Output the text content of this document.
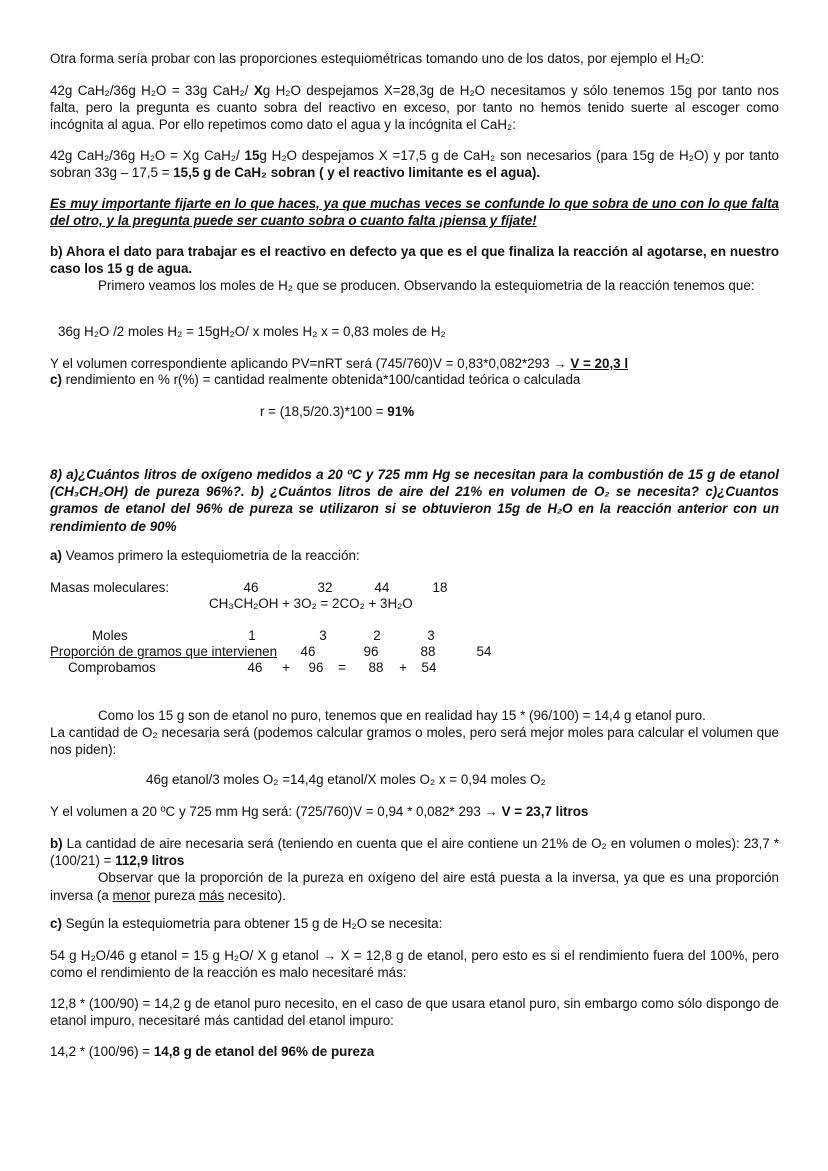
Otra forma sería probar con las proporciones estequiométricas tomando uno de los datos, por ejemplo el H₂O:

42g CaH₂/36g H₂O = 33g CaH₂/ Xg H₂O despejamos X=28,3g de H₂O necesitamos y sólo tenemos 15g por tanto nos falta, pero la pregunta es cuanto sobra del reactivo en exceso, por tanto no hemos tenido suerte al escoger como incógnita al agua. Por ello repetimos como dato el agua y la incógnita el CaH₂:

42g CaH₂/36g H₂O = Xg CaH₂/ 15g H₂O despejamos X =17,5 g de CaH₂ son necesarios (para 15g de H₂O) y por tanto sobran 33g – 17,5 = 15,5 g de CaH₂ sobran ( y el reactivo limitante es el agua).

Es muy importante fijarte en lo que haces, ya que muchas veces se confunde lo que sobra de uno con lo que falta del otro, y la pregunta puede ser cuanto sobra o cuanto falta ¡piensa y fíjate!

b) Ahora el dato para trabajar es el reactivo en defecto ya que es el que finaliza la reacción al agotarse, en nuestro caso los 15 g de agua.

Primero veamos los moles de H₂ que se producen. Observando la estequiometria de la reacción tenemos que:

36g H₂O /2 moles H₂ = 15gH₂O/ x moles H₂ x = 0,83 moles de H₂
Y el volumen correspondiente aplicando PV=nRT será (745/760)V = 0,83*0,082*293 → V = 20,3 l
c) rendimiento en % r(%) = cantidad realmente obtenida*100/cantidad teórica o calculada
r = (18,5/20.3)*100 = 91%

8) a)¿Cuántos litros de oxígeno medidos a 20 ºC y 725 mm Hg se necesitan para la combustión de 15 g de etanol (CH₃CH₂OH) de pureza 96%?. b) ¿Cuántos litros de aire del 21% en volumen de O₂ se necesita? c)¿Cuantos gramos de etanol del 96% de pureza se utilizaron si se obtuvieron 15g de H₂O en la reacción anterior con un rendimiento de 90%

a) Veamos primero la estequiometria de la reacción:
Masas moleculares:	46	32	44	18
CH₃CH₂OH + 3O₂ = 2CO₂ + 3H₂O
Moles	1	3	2	3
Proporción de gramos que intervienen 46	96	88	54
Comprobamos	46 + 96 = 88 + 54

Como los 15 g son de etanol no puro, tenemos que en realidad hay 15 * (96/100) = 14,4 g etanol puro.

La cantidad de O₂ necesaria será (podemos calcular gramos o moles, pero será mejor moles para calcular el volumen que nos piden):

46g etanol/3 moles O₂ =14,4g etanol/X moles O₂ x = 0,94 moles O₂
Y el volumen a 20 ºC y 725 mm Hg será: (725/760)V = 0,94 * 0,082* 293 → V = 23,7 litros

b) La cantidad de aire necesaria será (teniendo en cuenta que el aire contiene un 21% de O₂ en volumen o moles): 23,7 * (100/21) = 112,9 litros

Observar que la proporción de la pureza en oxígeno del aire está puesta a la inversa, ya que es una proporción inversa (a menor pureza más necesito).

c) Según la estequiometria para obtener 15 g de H₂O se necesita:

54 g H₂O/46 g etanol = 15 g H₂O/ X g etanol → X = 12,8 g de etanol, pero esto es si el rendimiento fuera del 100%, pero como el rendimiento de la reacción es malo necesitaré más:

12,8 * (100/90) = 14,2 g de etanol puro necesito, en el caso de que usara etanol puro, sin embargo como sólo dispongo de etanol impuro, necesitaré más cantidad del etanol impuro:

14,2 * (100/96) = 14,8 g de etanol del 96% de pureza
